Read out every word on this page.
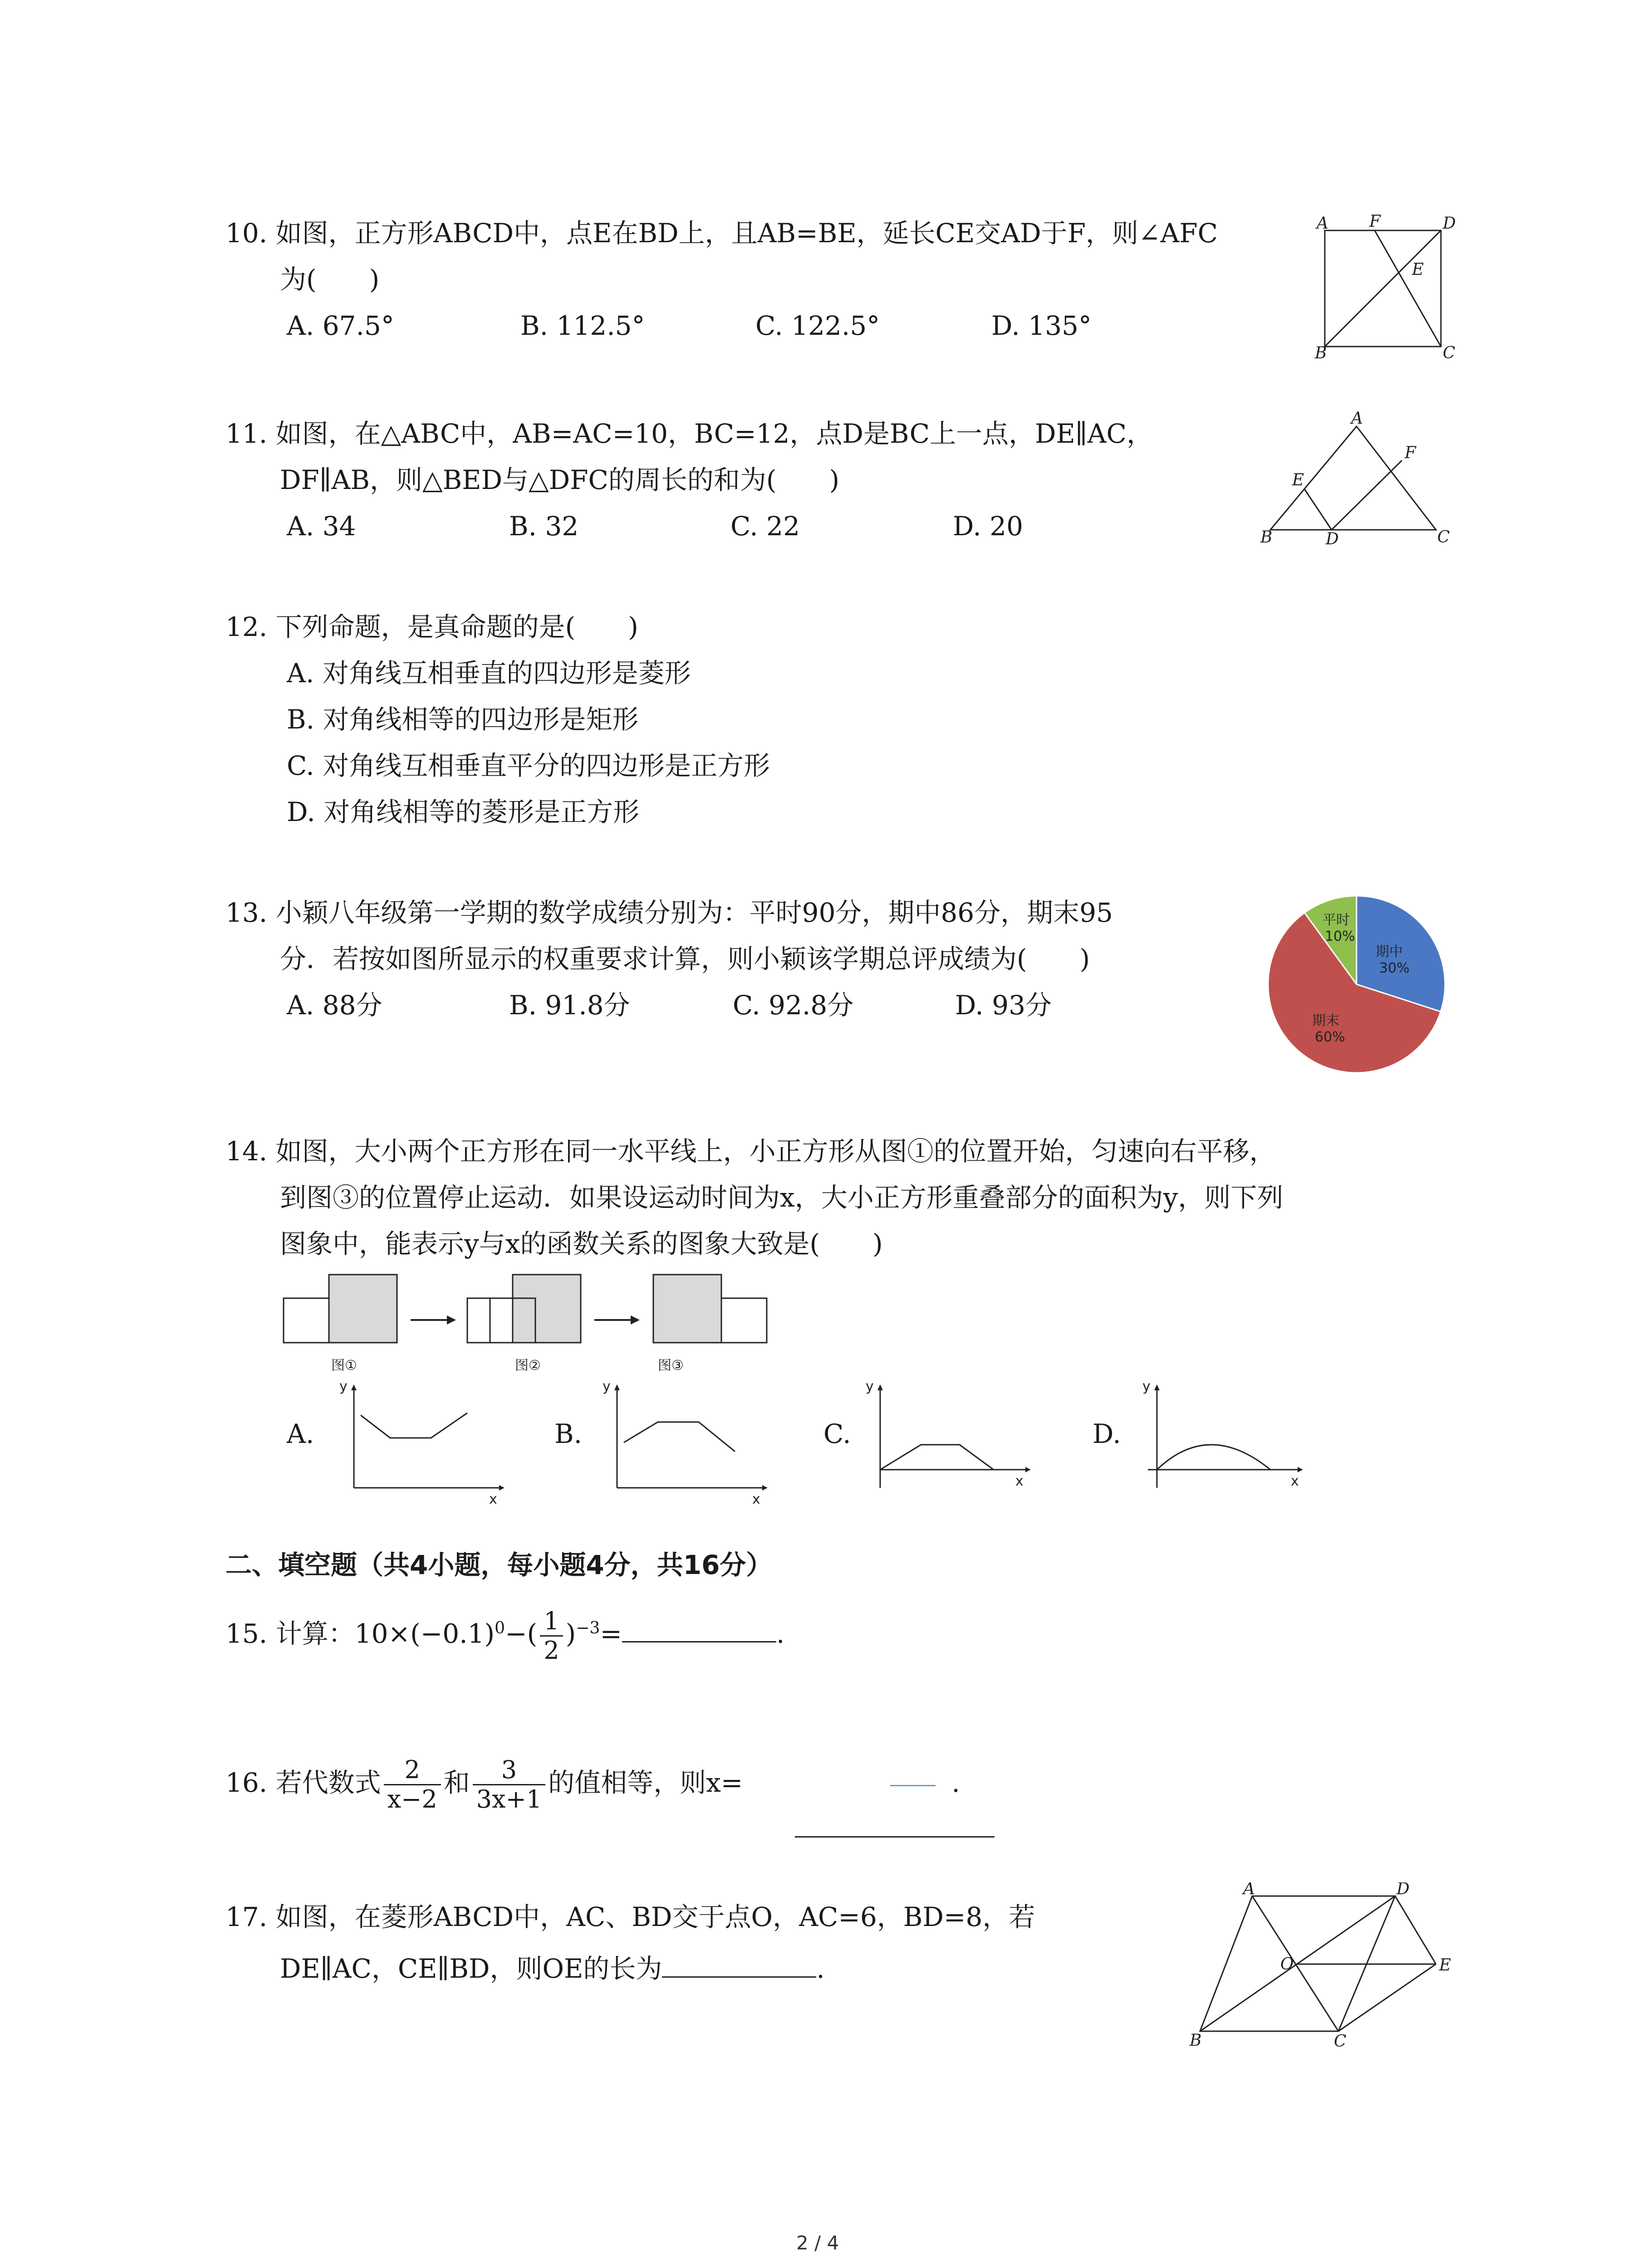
10. 如图，正方形ABCD中，点E在BD上，且AB=BE，延长CE交AD于F，则∠AFC
为(　　)
A. 67.5°	B. 112.5°	C. 122.5°	D. 135°
A	F	D
E
B	C
11. 如图，在△ABC中，AB=AC=10，BC=12，点D是BC上一点，DE∥AC，
DF∥AB，则△BED与△DFC的周长的和为(　　)
A. 34	B. 32	C. 22	D. 20
A
E
F
B	D	C
12. 下列命题，是真命题的是(　　)
A. 对角线互相垂直的四边形是菱形
B. 对角线相等的四边形是矩形
C. 对角线互相垂直平分的四边形是正方形
D. 对角线相等的菱形是正方形
13. 小颖八年级第一学期的数学成绩分别为：平时90分，期中86分，期末95
分．若按如图所显示的权重要求计算，则小颖该学期总评成绩为(　　)
A. 88分	B. 91.8分	C. 92.8分	D. 93分
平时
10%
期中
30%
期末
60%
14. 如图，大小两个正方形在同一水平线上，小正方形从图①的位置开始，匀速向右平移，
到图③的位置停止运动．如果设运动时间为x，大小正方形重叠部分的面积为y，则下列
图象中，能表示y与x的函数关系的图象大致是(　　)
图①	图②	图③
A.	B.	C.	D.
y
x
y
x
y
x
y
x
二、填空题（共4小题，每小题4分，共16分）
15. 计算：$10\times(-0.1)^0-( \frac{1}{2} )^{-3}=$	.
16. 若代数式 $\frac{2}{x-2}$ 和 $\frac{3}{3x+1}$ 的值相等，则x=	.
17. 如图，在菱形ABCD中，AC、BD交于点O，AC=6，BD=8，若
DE∥AC，CE∥BD，则OE的长为	.
A	D
O	E
B	C
2 / 4
